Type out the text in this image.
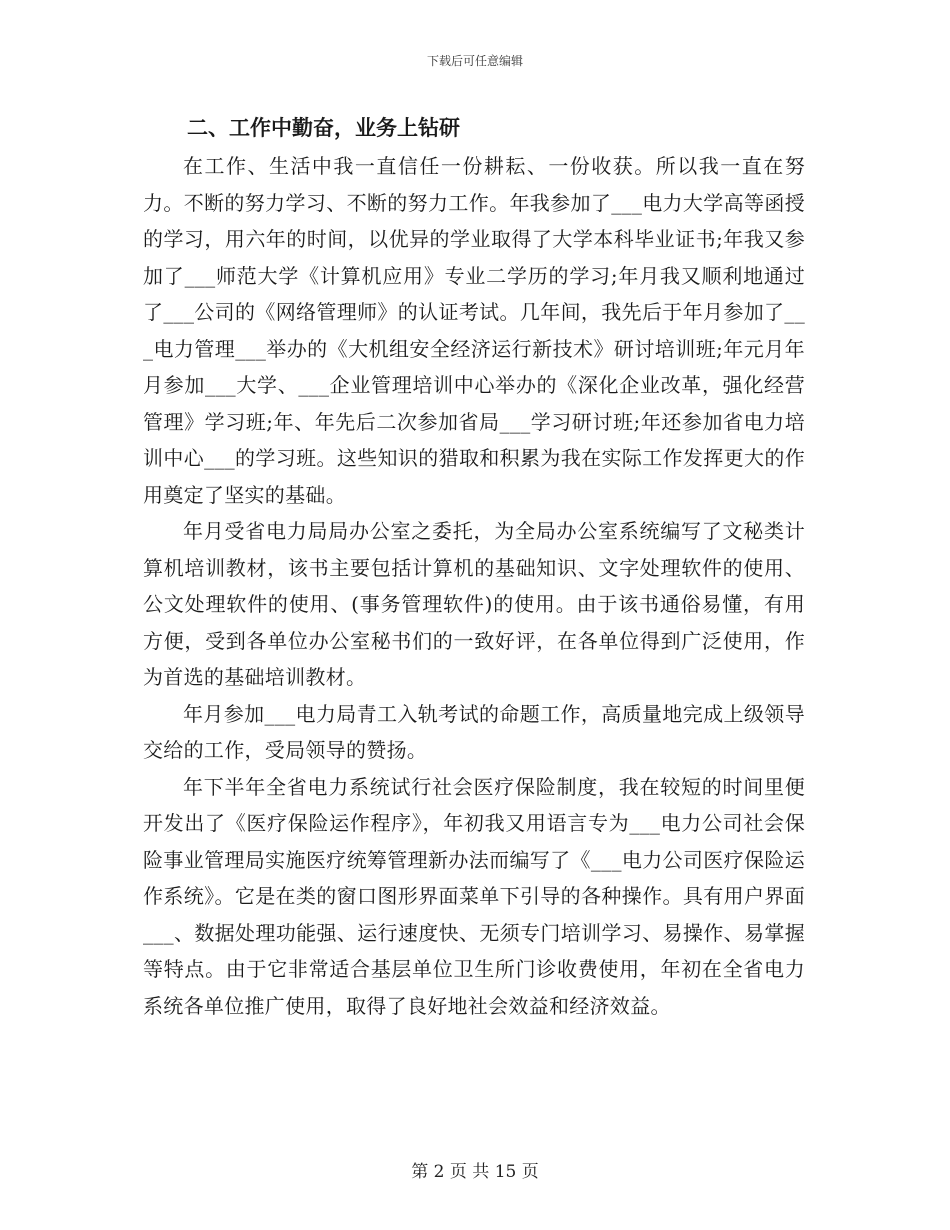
下载后可任意编辑
二、工作中勤奋，业务上钻研

在工作、生活中我一直信任一份耕耘、一份收获。所以我一直在努力。不断的努力学习、不断的努力工作。年我参加了___电力大学高等函授的学习，用六年的时间，以优异的学业取得了大学本科毕业证书;年我又参加了___师范大学《计算机应用》专业二学历的学习;年月我又顺利地通过了___公司的《网络管理师》的认证考试。几年间，我先后于年月参加了___电力管理___举办的《大机组安全经济运行新技术》研讨培训班;年元月年月参加___大学、___企业管理培训中心举办的《深化企业改革，强化经营管理》学习班;年、年先后二次参加省局___学习研讨班;年还参加省电力培训中心___的学习班。这些知识的猎取和积累为我在实际工作发挥更大的作用奠定了坚实的基础。

年月受省电力局局办公室之委托，为全局办公室系统编写了文秘类计算机培训教材，该书主要包括计算机的基础知识、文字处理软件的使用、公文处理软件的使用、(事务管理软件)的使用。由于该书通俗易懂，有用方便，受到各单位办公室秘书们的一致好评，在各单位得到广泛使用，作为首选的基础培训教材。

年月参加___电力局青工入轨考试的命题工作，高质量地完成上级领导交给的工作，受局领导的赞扬。

年下半年全省电力系统试行社会医疗保险制度，我在较短的时间里便开发出了《医疗保险运作程序》，年初我又用语言专为___电力公司社会保险事业管理局实施医疗统筹管理新办法而编写了《___电力公司医疗保险运作系统》。它是在类的窗口图形界面菜单下引导的各种操作。具有用户界面___、数据处理功能强、运行速度快、无须专门培训学习、易操作、易掌握等特点。由于它非常适合基层单位卫生所门诊收费使用，年初在全省电力系统各单位推广使用，取得了良好地社会效益和经济效益。

第 2 页 共 15 页
